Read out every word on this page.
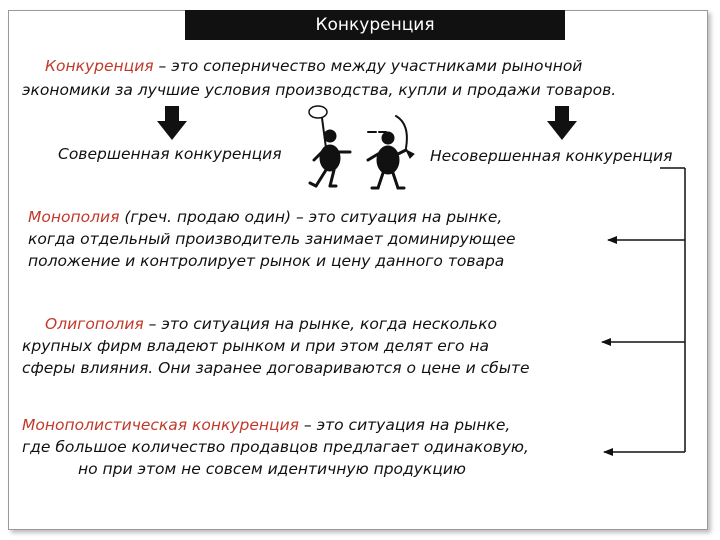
Конкуренция
Конкуренция – это соперничество между участниками рыночной
экономики за лучшие условия производства, купли и продажи товаров.
Совершенная конкуренция	Несовершенная конкуренция
Монополия (греч. продаю один) – это ситуация на рынке,
когда отдельный производитель занимает доминирующее
положение и контролирует рынок и цену данного товара
Олигополия – это ситуация на рынке, когда несколько
крупных фирм владеют рынком и при этом делят его на
сферы влияния. Они заранее договариваются о цене и сбыте
Монополистическая конкуренция – это ситуация на рынке,
где большое количество продавцов предлагает одинаковую,
но при этом не совсем идентичную продукцию
